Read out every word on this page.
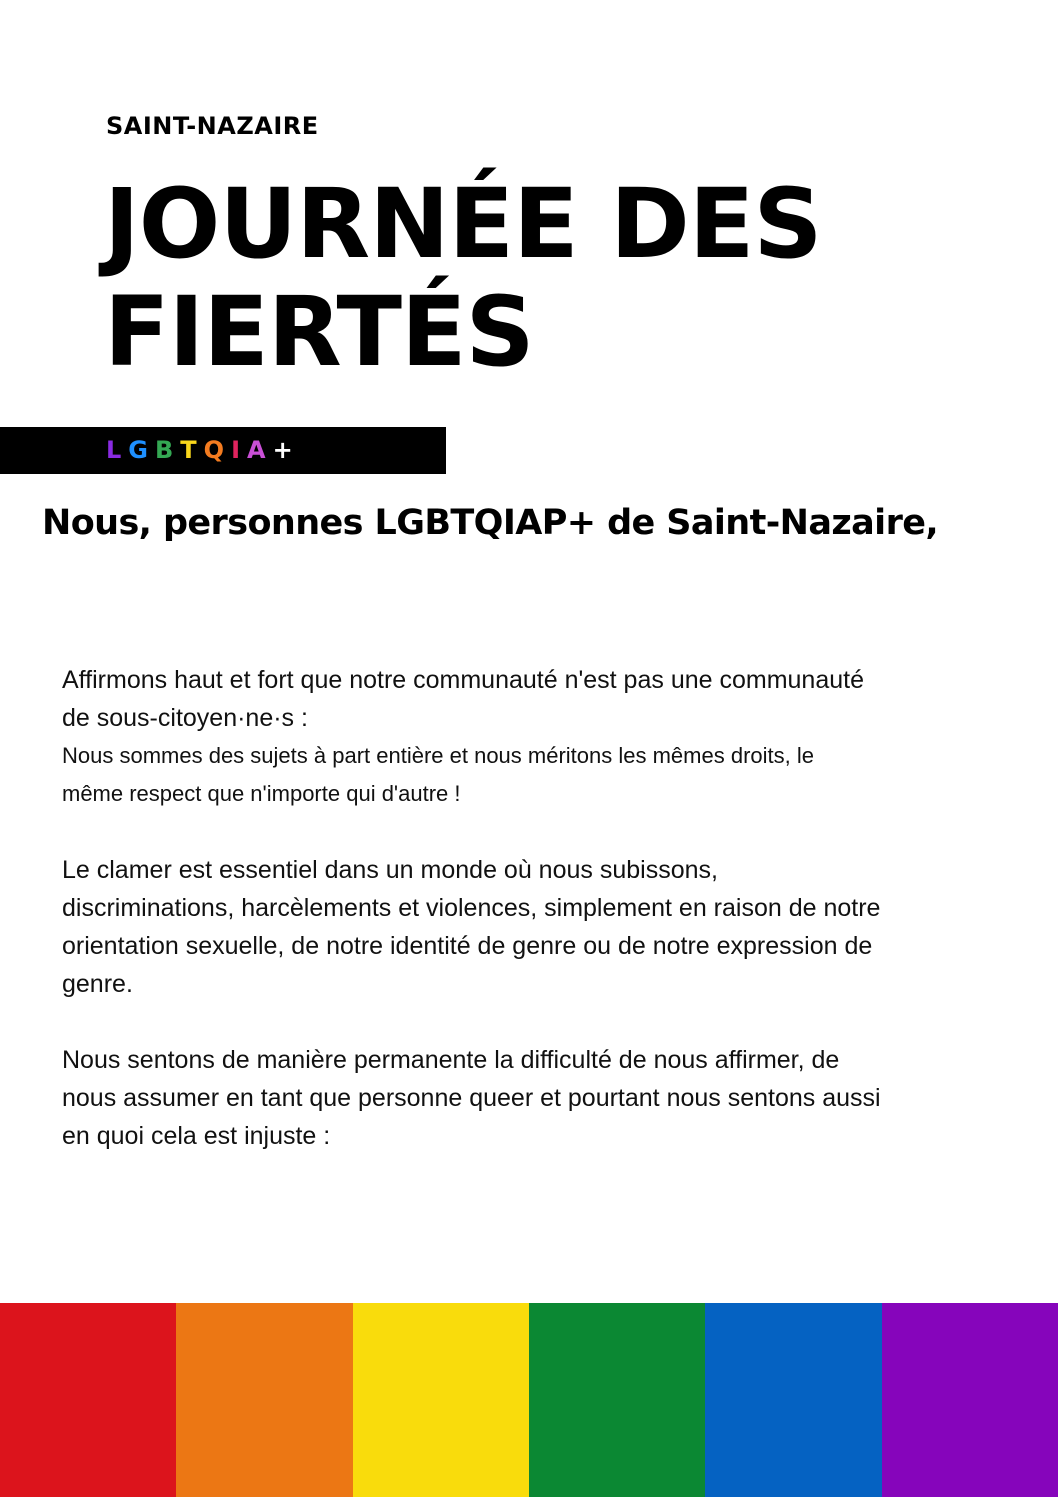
SAINT-NAZAIRE

JOURNÉE DES
FIERTÉS
LGBTQIA+
Nous, personnes LGBTQIAP+ de Saint-Nazaire,

Affirmons haut et fort que notre communauté n'est pas une communauté

de sous-citoyen·ne·s :

Nous sommes des sujets à part entière et nous méritons les mêmes droits, le

même respect que n'importe qui d'autre !

Le clamer est essentiel dans un monde où nous subissons,

discriminations, harcèlements et violences, simplement en raison de notre

orientation sexuelle, de notre identité de genre ou de notre expression de

genre.

Nous sentons de manière permanente la difficulté de nous affirmer, de

nous assumer en tant que personne queer et pourtant nous sentons aussi

en quoi cela est injuste :
